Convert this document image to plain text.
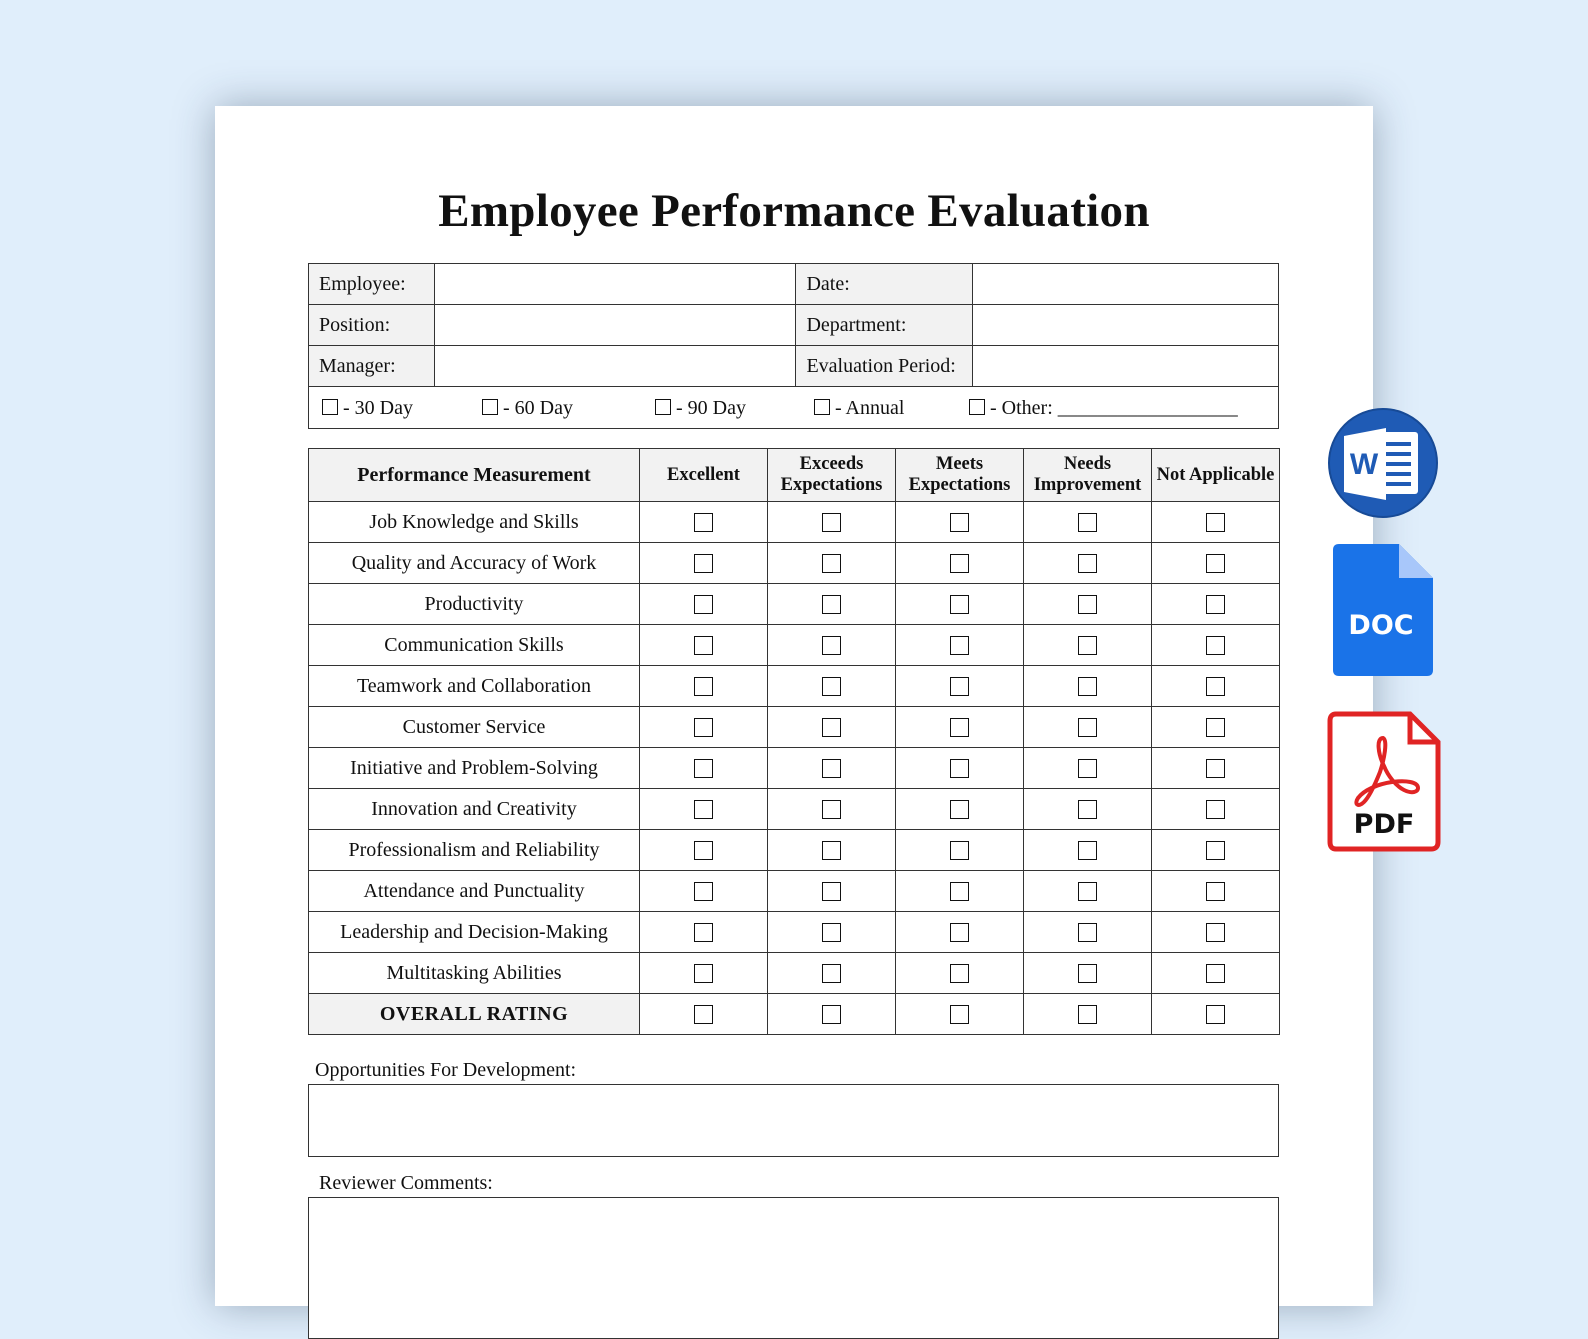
Employee Performance Evaluation
Employee:		Date:	
Position:		Department:	
Manager:		Evaluation Period:	

- 30 Day - 60 Day - 90 Day - Annual - Other: __________________			
Performance Measurement	Excellent	Exceeds Expectations	Meets Expectations	Needs Improvement	Not Applicable
Job Knowledge and Skills					
Quality and Accuracy of Work					
Productivity					
Communication Skills					
Teamwork and Collaboration					
Customer Service					
Initiative and Problem-Solving					
Innovation and Creativity					
Professionalism and Reliability					
Attendance and Punctuality					
Leadership and Decision-Making					
Multitasking Abilities					
OVERALL RATING					
Opportunities For Development:
Reviewer Comments:
W
DOC
PDF
